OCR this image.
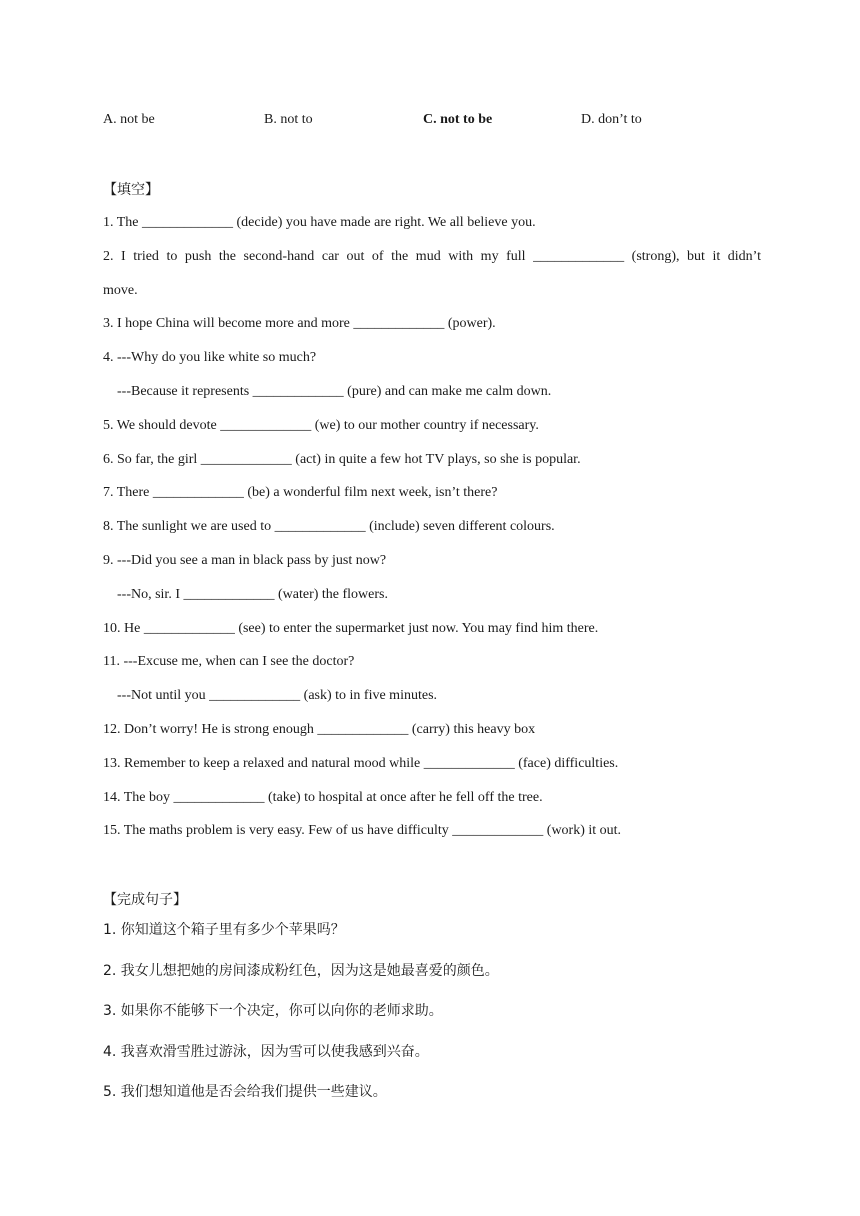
A. not be	B. not to	C. not to be	D. don’t to
【填空】
1. The _____________ (decide) you have made are right. We all believe you.
2. I tried to push the second-hand car out of the mud with my full _____________ (strong), but it didn’t
move.
3. I hope China will become more and more _____________ (power).
4. ---Why do you like white so much?
---Because it represents _____________ (pure) and can make me calm down.
5. We should devote _____________ (we) to our mother country if necessary.
6. So far, the girl _____________ (act) in quite a few hot TV plays, so she is popular.
7. There _____________ (be) a wonderful film next week, isn’t there?
8. The sunlight we are used to _____________ (include) seven different colours.
9. ---Did you see a man in black pass by just now?
---No, sir. I _____________ (water) the flowers.
10. He _____________ (see) to enter the supermarket just now. You may find him there.
11. ---Excuse me, when can I see the doctor?
---Not until you _____________ (ask) to in five minutes.
12. Don’t worry! He is strong enough _____________ (carry) this heavy box
13. Remember to keep a relaxed and natural mood while _____________ (face) difficulties.
14. The boy _____________ (take) to hospital at once after he fell off the tree.
15. The maths problem is very easy. Few of us have difficulty _____________ (work) it out.
【完成句子】
1. 你知道这个箱子里有多少个苹果吗？
2. 我女儿想把她的房间漆成粉红色，因为这是她最喜爱的颜色。
3. 如果你不能够下一个决定，你可以向你的老师求助。
4. 我喜欢滑雪胜过游泳，因为雪可以使我感到兴奋。
5. 我们想知道他是否会给我们提供一些建议。
